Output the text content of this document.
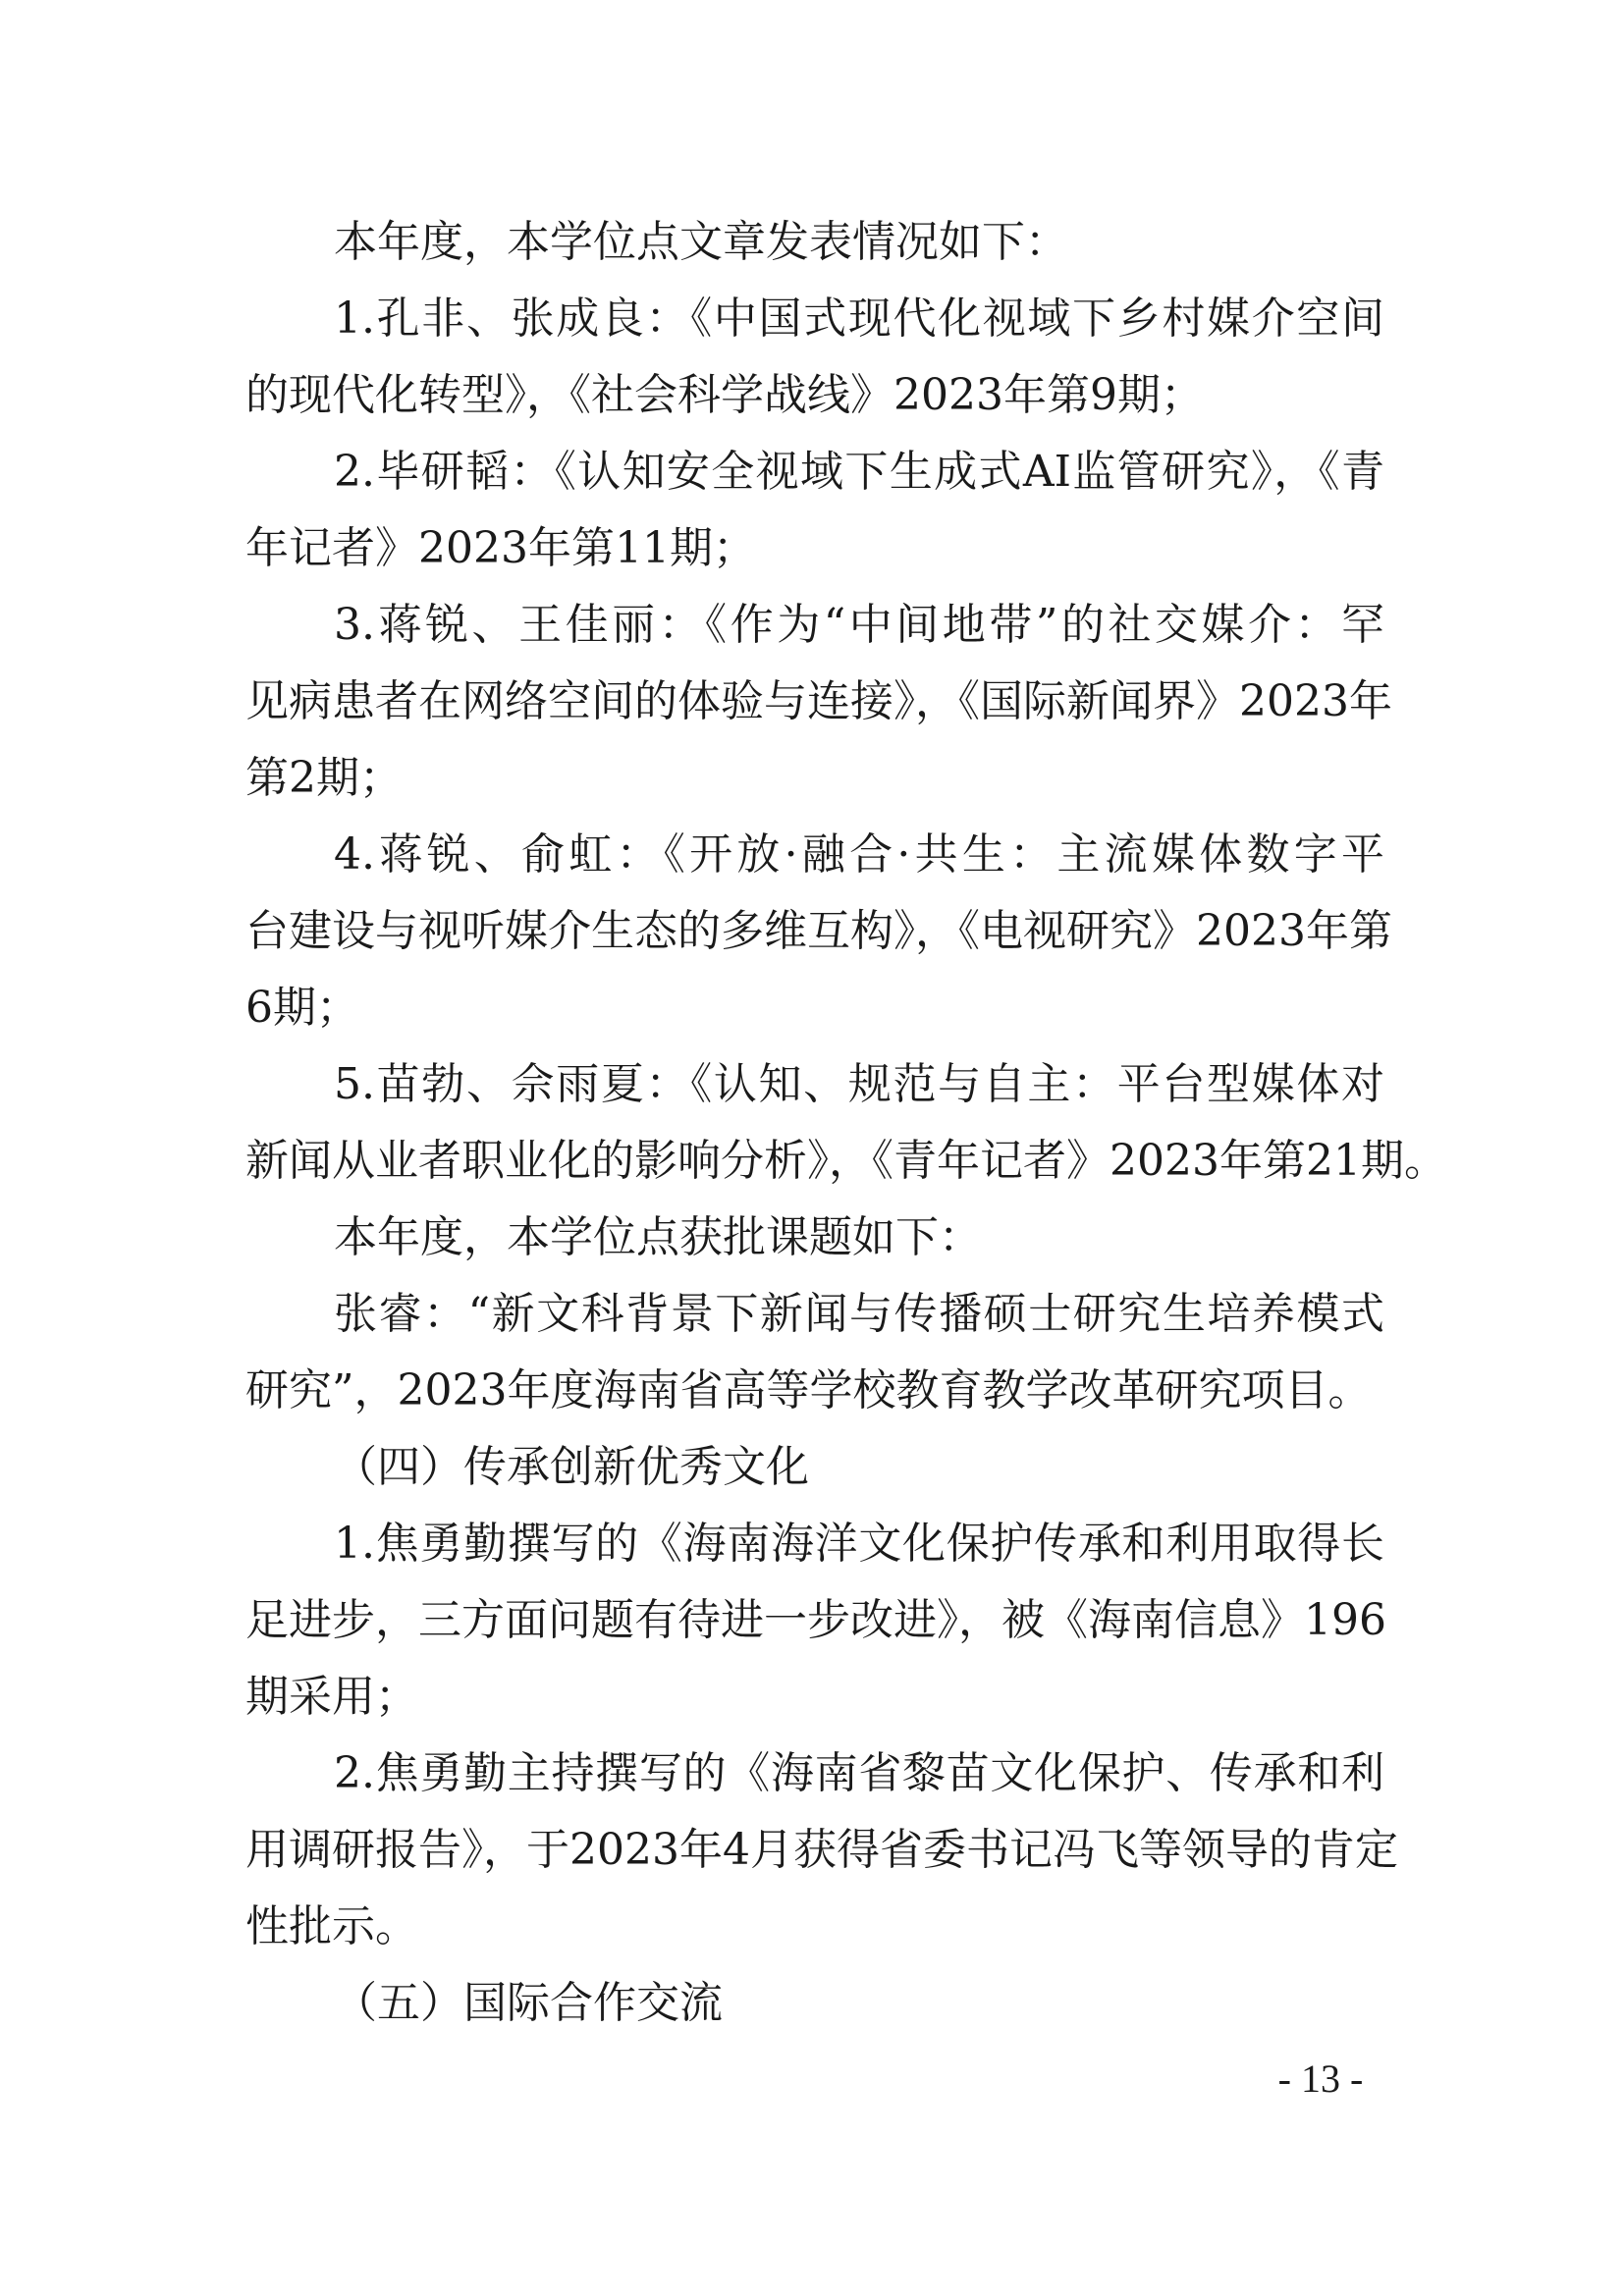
本年度，本学位点文章发表情况如下：
1.孔非、张成良：《中国式现代化视域下乡村媒介空间
的现代化转型》，《社会科学战线》2023年第9期；
2.毕研韬：《认知安全视域下生成式AI监管研究》，《青
年记者》2023年第11期；
3.蒋锐、王佳丽：《作为“中间地带”的社交媒介：罕
见病患者在网络空间的体验与连接》，《国际新闻界》2023年
第2期；
4.蒋锐、俞虹：《开放·融合·共生：主流媒体数字平
台建设与视听媒介生态的多维互构》，《电视研究》2023年第
6期；
5.苗勃、佘雨夏：《认知、规范与自主：平台型媒体对
新闻从业者职业化的影响分析》，《青年记者》2023年第21期。
本年度，本学位点获批课题如下：
张睿：“新文科背景下新闻与传播硕士研究生培养模式
研究”，2023年度海南省高等学校教育教学改革研究项目。
（四）传承创新优秀文化
1.焦勇勤撰写的《海南海洋文化保护传承和利用取得长
足进步，三方面问题有待进一步改进》，被《海南信息》196
期采用；
2.焦勇勤主持撰写的《海南省黎苗文化保护、传承和利
用调研报告》，于2023年4月获得省委书记冯飞等领导的肯定
性批示。
（五）国际合作交流
- 13 -
